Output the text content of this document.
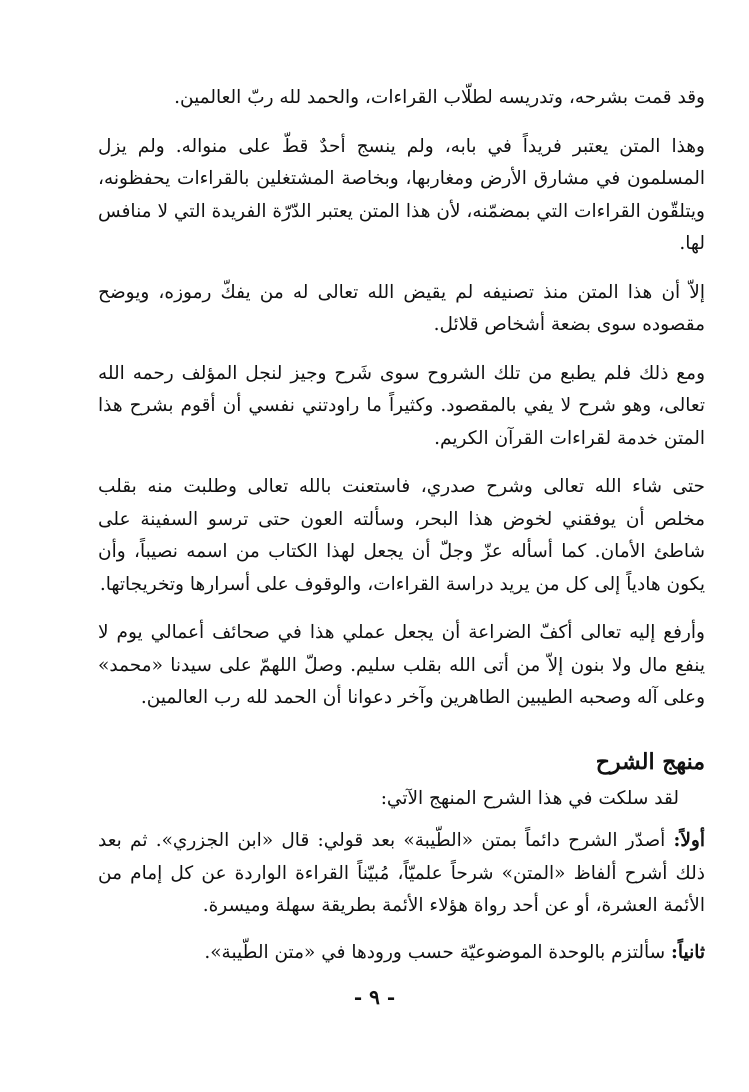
وقد قمت بشرحه، وتدريسه لطلّاب القراءات، والحمد لله ربّ العالمين.

وهذا المتن يعتبر فريداً في بابه، ولم ينسج أحدٌ قطّ على منواله. ولم يزل المسلمون في مشارق الأرض ومغاربها، وبخاصة المشتغلين بالقراءات يحفظونه، ويتلقّون القراءات التي بمضمّنه، لأن هذا المتن يعتبر الدّرّة الفريدة التي لا منافس لها.

إلاّ أن هذا المتن منذ تصنيفه لم يقيض الله تعالى له من يفكّ رموزه، ويوضح مقصوده سوى بضعة أشخاص قلائل.

ومع ذلك فلم يطبع من تلك الشروح سوى شَرح وجيز لنجل المؤلف رحمه الله تعالى، وهو شرح لا يفي بالمقصود. وكثيراً ما راودتني نفسي أن أقوم بشرح هذا المتن خدمة لقراءات القرآن الكريم.

حتى شاء الله تعالى وشرح صدري، فاستعنت بالله تعالى وطلبت منه بقلب مخلص أن يوفقني لخوض هذا البحر، وسألته العون حتى ترسو السفينة على شاطئ الأمان. كما أسأله عزّ وجلّ أن يجعل لهذا الكتاب من اسمه نصيباً، وأن يكون هادياً إلى كل من يريد دراسة القراءات، والوقوف على أسرارها وتخريجاتها.

وأرفع إليه تعالى أكفّ الضراعة أن يجعل عملي هذا في صحائف أعمالي يوم لا ينفع مال ولا بنون إلاّ من أتى الله بقلب سليم. وصلّ اللهمّ على سيدنا «محمد» وعلى آله وصحبه الطيبين الطاهرين وآخر دعوانا أن الحمد لله رب العالمين.

منهج الشرح

لقد سلكت في هذا الشرح المنهج الآتي:

أولاً: أصدّر الشرح دائماً بمتن «الطّيبة» بعد قولي: قال «ابن الجزري». ثم بعد ذلك أشرح ألفاظ «المتن» شرحاً علميّاً، مُبيّناً القراءة الواردة عن كل إمام من الأئمة العشرة، أو عن أحد رواة هؤلاء الأئمة بطريقة سهلة وميسرة.

ثانياً: سألتزم بالوحدة الموضوعيّة حسب ورودها في «متن الطّيبة».

- ٩ -
